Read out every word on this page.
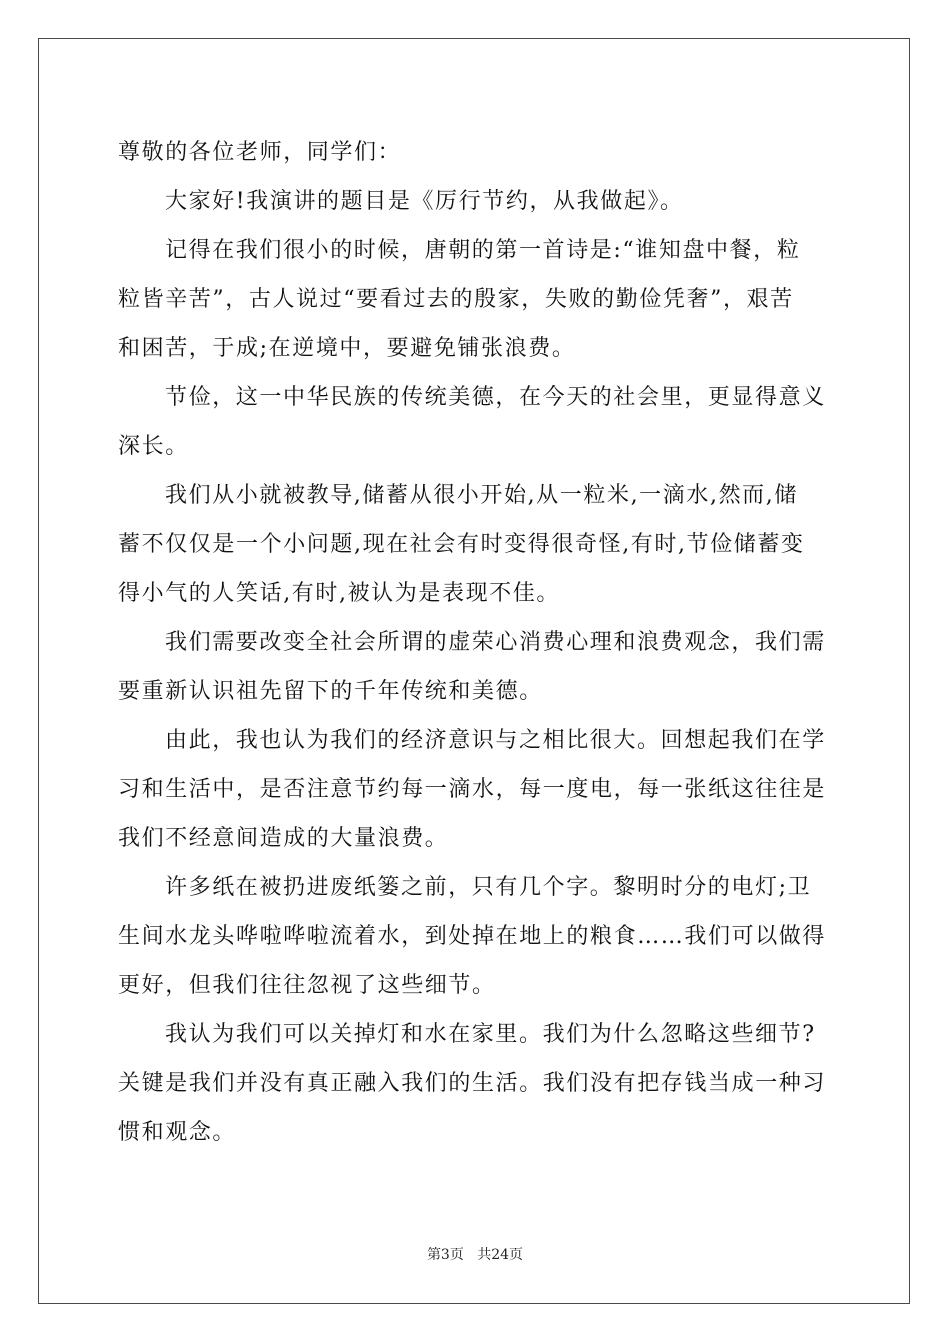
尊敬的各位老师，同学们：
大家好!我演讲的题目是《厉行节约，从我做起》。
记得在我们很小的时候，唐朝的第一首诗是:“谁知盘中餐，粒
粒皆辛苦”，古人说过“要看过去的殷家，失败的勤俭凭奢”，艰苦
和困苦，于成;在逆境中，要避免铺张浪费。
节俭，这一中华民族的传统美德，在今天的社会里，更显得意义
深长。
我们从小就被教导,储蓄从很小开始,从一粒米,一滴水,然而,储
蓄不仅仅是一个小问题,现在社会有时变得很奇怪,有时,节俭储蓄变
得小气的人笑话,有时,被认为是表现不佳。
我们需要改变全社会所谓的虚荣心消费心理和浪费观念，我们需
要重新认识祖先留下的千年传统和美德。
由此，我也认为我们的经济意识与之相比很大。回想起我们在学
习和生活中，是否注意节约每一滴水，每一度电，每一张纸这往往是
我们不经意间造成的大量浪费。
许多纸在被扔进废纸篓之前，只有几个字。黎明时分的电灯;卫
生间水龙头哗啦哗啦流着水，到处掉在地上的粮食……我们可以做得
更好，但我们往往忽视了这些细节。
我认为我们可以关掉灯和水在家里。我们为什么忽略这些细节?
关键是我们并没有真正融入我们的生活。我们没有把存钱当成一种习
惯和观念。
第3页 共24页
